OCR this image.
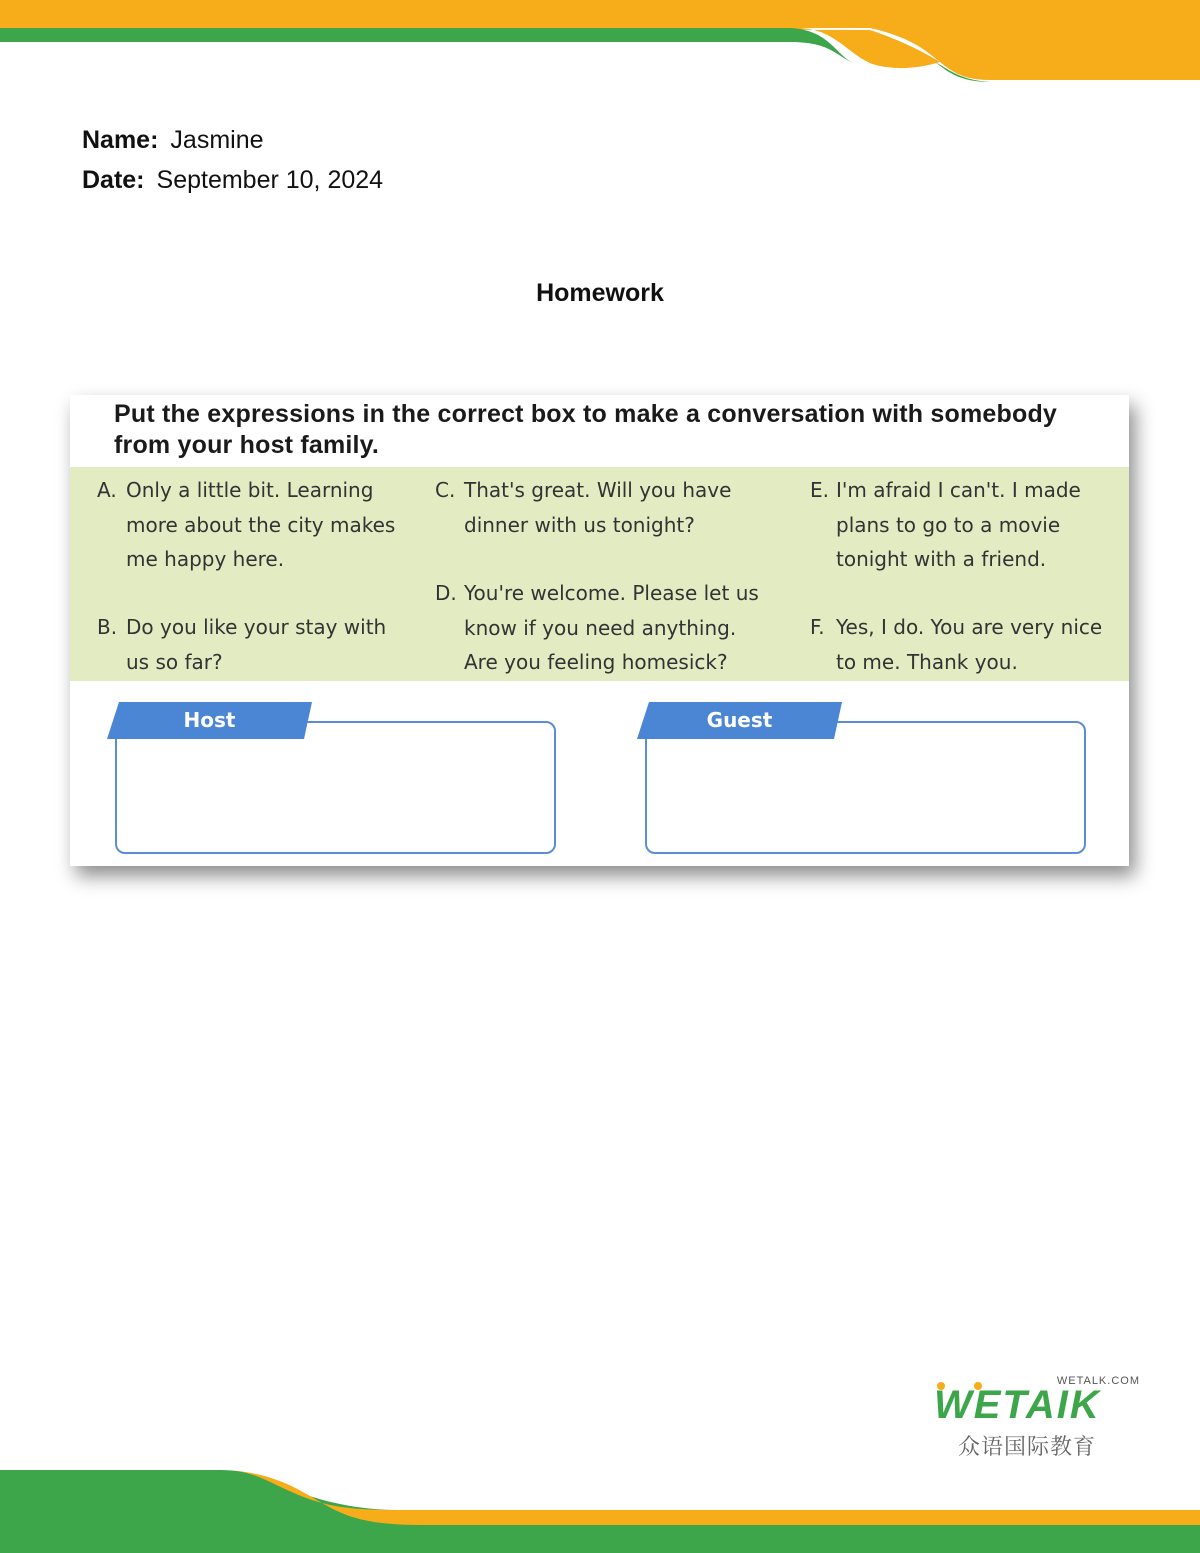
Name: Jasmine
Date: September 10, 2024
Homework
Put the expressions in the correct box to make a conversation with somebody
from your host family.
A. Only a little bit. Learning
more about the city makes
me happy here.
B. Do you like your stay with
us so far?
C. That's great. Will you have
dinner with us tonight?
D. You're welcome. Please let us
know if you need anything.
Are you feeling homesick?
E. I'm afraid I can't. I made
plans to go to a movie
tonight with a friend.
F. Yes, I do. You are very nice
to me. Thank you.
Host	Guest
WETALK.COM
WETAIK
众语国际教育
